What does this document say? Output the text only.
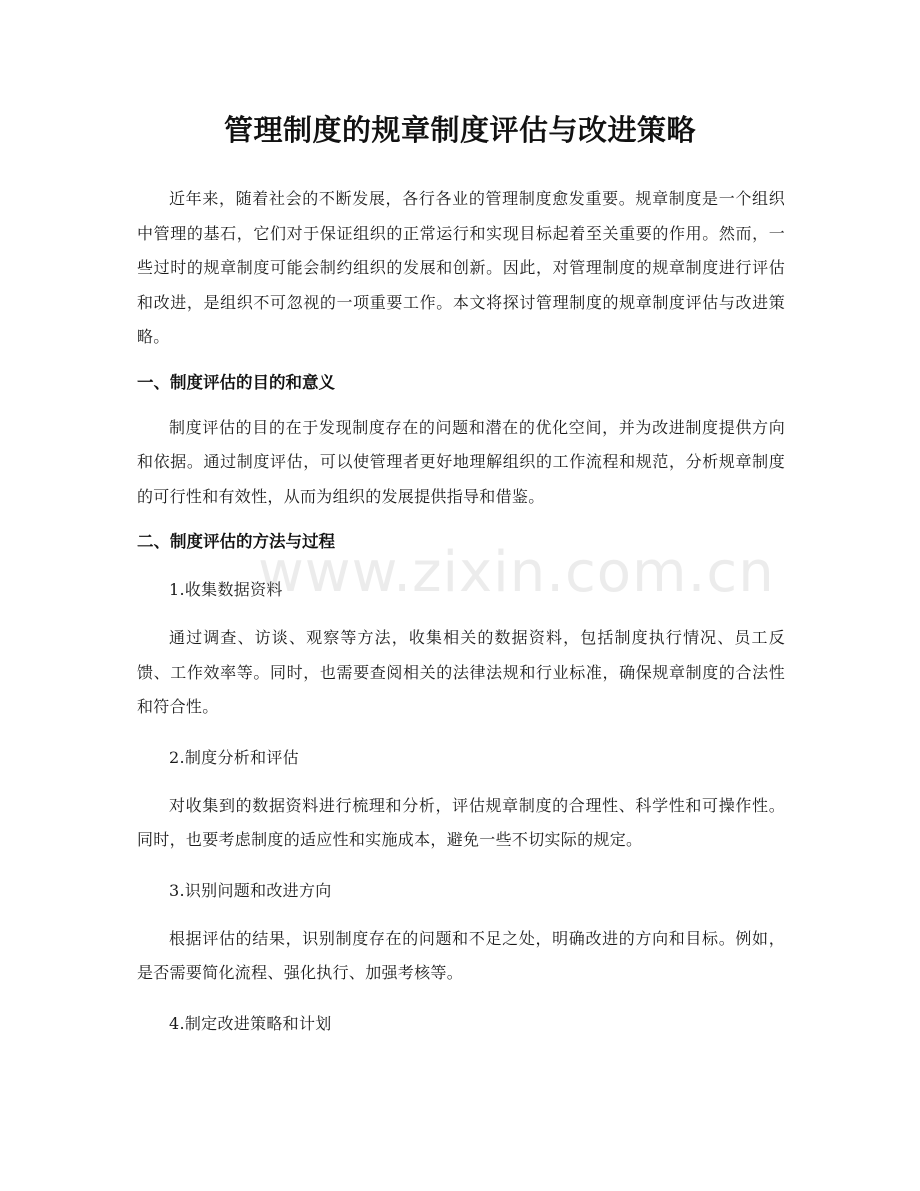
管理制度的规章制度评估与改进策略

近年来，随着社会的不断发展，各行各业的管理制度愈发重要。规章制度是一个组织中管理的基石，它们对于保证组织的正常运行和实现目标起着至关重要的作用。然而，一些过时的规章制度可能会制约组织的发展和创新。因此，对管理制度的规章制度进行评估和改进，是组织不可忽视的一项重要工作。本文将探讨管理制度的规章制度评估与改进策略。

一、制度评估的目的和意义

制度评估的目的在于发现制度存在的问题和潜在的优化空间，并为改进制度提供方向和依据。通过制度评估，可以使管理者更好地理解组织的工作流程和规范，分析规章制度的可行性和有效性，从而为组织的发展提供指导和借鉴。

二、制度评估的方法与过程

1.收集数据资料

通过调查、访谈、观察等方法，收集相关的数据资料，包括制度执行情况、员工反馈、工作效率等。同时，也需要查阅相关的法律法规和行业标准，确保规章制度的合法性和符合性。

2.制度分析和评估

对收集到的数据资料进行梳理和分析，评估规章制度的合理性、科学性和可操作性。同时，也要考虑制度的适应性和实施成本，避免一些不切实际的规定。

3.识别问题和改进方向

根据评估的结果，识别制度存在的问题和不足之处，明确改进的方向和目标。例如，是否需要简化流程、强化执行、加强考核等。

4.制定改进策略和计划

www.zixin.com.cn
